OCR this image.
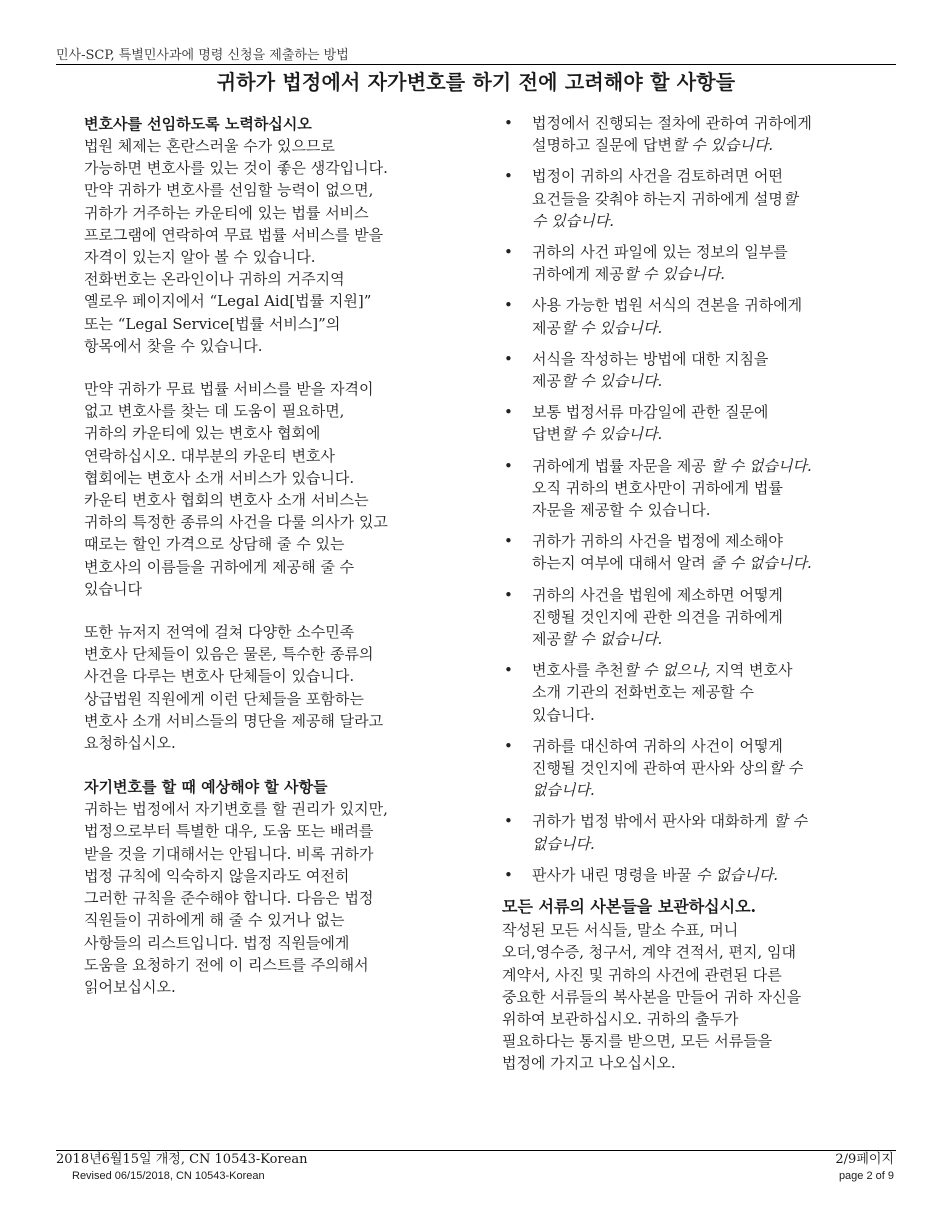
민사-SCP, 특별민사과에 명령 신청을 제출하는 방법
귀하가 법정에서 자가변호를 하기 전에 고려해야 할 사항들
변호사를 선임하도록 노력하십시오

법원 체제는 혼란스러울 수가 있으므로
가능하면 변호사를 있는 것이 좋은 생각입니다.
만약 귀하가 변호사를 선임할 능력이 없으면,
귀하가 거주하는 카운티에 있는 법률 서비스
프로그램에 연락하여 무료 법률 서비스를 받을
자격이 있는지 알아 볼 수 있습니다.
전화번호는 온라인이나 귀하의 거주지역
옐로우 페이지에서 “Legal Aid[법률 지원]”
또는 “Legal Service[법률 서비스]”의
항목에서 찾을 수 있습니다.

만약 귀하가 무료 법률 서비스를 받을 자격이
없고 변호사를 찾는 데 도움이 필요하면,
귀하의 카운티에 있는 변호사 협회에
연락하십시오. 대부분의 카운티 변호사
협회에는 변호사 소개 서비스가 있습니다.
카운티 변호사 협회의 변호사 소개 서비스는
귀하의 특정한 종류의 사건을 다룰 의사가 있고
때로는 할인 가격으로 상담해 줄 수 있는
변호사의 이름들을 귀하에게 제공해 줄 수
있습니다

또한 뉴저지 전역에 걸쳐 다양한 소수민족
변호사 단체들이 있음은 물론, 특수한 종류의
사건을 다루는 변호사 단체들이 있습니다.
상급법원 직원에게 이런 단체들을 포함하는
변호사 소개 서비스들의 명단을 제공해 달라고
요청하십시오.

자기변호를 할 때 예상해야 할 사항들

귀하는 법정에서 자기변호를 할 권리가 있지만,
법정으로부터 특별한 대우, 도움 또는 배려를
받을 것을 기대해서는 안됩니다. 비록 귀하가
법정 규칙에 익숙하지 않을지라도 여전히
그러한 규칙을 준수해야 합니다. 다음은 법정
직원들이 귀하에게 해 줄 수 있거나 없는
사항들의 리스트입니다. 법정 직원들에게
도움을 요청하기 전에 이 리스트를 주의해서
읽어보십시오.

• 법정에서 진행되는 절차에 관하여 귀하에게
설명하고 질문에 답변할 수 있습니다.
• 법정이 귀하의 사건을 검토하려면 어떤
요건들을 갖춰야 하는지 귀하에게 설명할
수 있습니다.
• 귀하의 사건 파일에 있는 정보의 일부를
귀하에게 제공할 수 있습니다.
• 사용 가능한 법원 서식의 견본을 귀하에게
제공할 수 있습니다.
• 서식을 작성하는 방법에 대한 지침을
제공할 수 있습니다.
• 보통 법정서류 마감일에 관한 질문에
답변할 수 있습니다.
• 귀하에게 법률 자문을 제공 할 수 없습니다.
오직 귀하의 변호사만이 귀하에게 법률
자문을 제공할 수 있습니다.
• 귀하가 귀하의 사건을 법정에 제소해야
하는지 여부에 대해서 알려 줄 수 없습니다.
• 귀하의 사건을 법원에 제소하면 어떻게
진행될 것인지에 관한 의견을 귀하에게
제공할 수 없습니다.
• 변호사를 추천할 수 없으나, 지역 변호사
소개 기관의 전화번호는 제공할 수
있습니다.
• 귀하를 대신하여 귀하의 사건이 어떻게
진행될 것인지에 관하여 판사와 상의할 수
없습니다.
• 귀하가 법정 밖에서 판사와 대화하게 할 수
없습니다.
• 판사가 내린 명령을 바꿀 수 없습니다.
모든 서류의 사본들을 보관하십시오.

작성된 모든 서식들, 말소 수표, 머니
오더,영수증, 청구서, 계약 견적서, 편지, 임대
계약서, 사진 및 귀하의 사건에 관련된 다른
중요한 서류들의 복사본을 만들어 귀하 자신을
위하여 보관하십시오. 귀하의 출두가
필요하다는 통지를 받으면, 모든 서류들을
법정에 가지고 나오십시오.

2018년6월15일 개정, CN 10543-Korean
Revised 06/15/2018, CN 10543-Korean
2/9페이지
page 2 of 9
